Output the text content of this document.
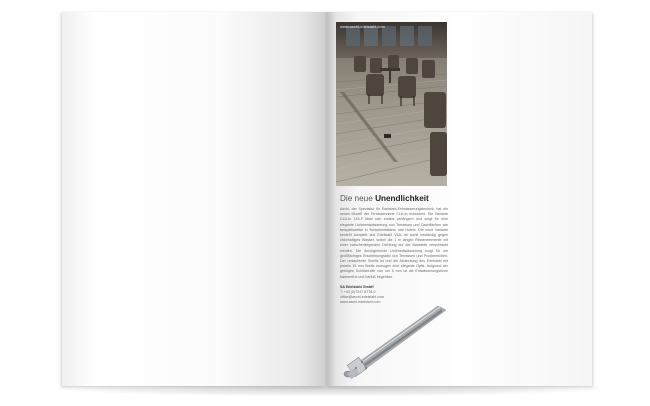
www.aschl-edelstahl.com
Die neue Unendlichkeit
Aschl, der Spezialist für Edelstahl-Entwässerungstechnik, hat ein neues Modell der Terrassenrinne CLA-In entwickelt. Die Variante CLA-In 145-F lässt sich endlos verlängern und sorgt für eine elegante Linienentwässerung von Terrassen und Dachflächen wie beispielsweise in Schwimmbädern und Hotels. Die neue Variante besteht komplett aus Edelstahl V4A, ist somit beständig gegen chlorhaltiges Wasser, wobei die 1 m langen Rinnenelemente mit einer zwischenliegenden Dichtung auf der Baustelle verschraubt werden. Die durchgehende Linienentwässerung sorgt für ein großflächiges Erscheinungsbild von Terrassen und Poolbereichen. Der umlaufende Schlitz ist und die Abdeckung aus Edelstahl mit jeweils 15 mm Breite erzeugen eine elegante Optik. Aufgrund der geringen Schlitzbreite von nur 5 mm ist die Entwässerungsrinne barrierefrei und barfuß begehbar.
SA Edelstahl GmbH
T: +43 (0)7247 8778-0
office@aschl-edelstahl.com
www.aschl-edelstahl.com
